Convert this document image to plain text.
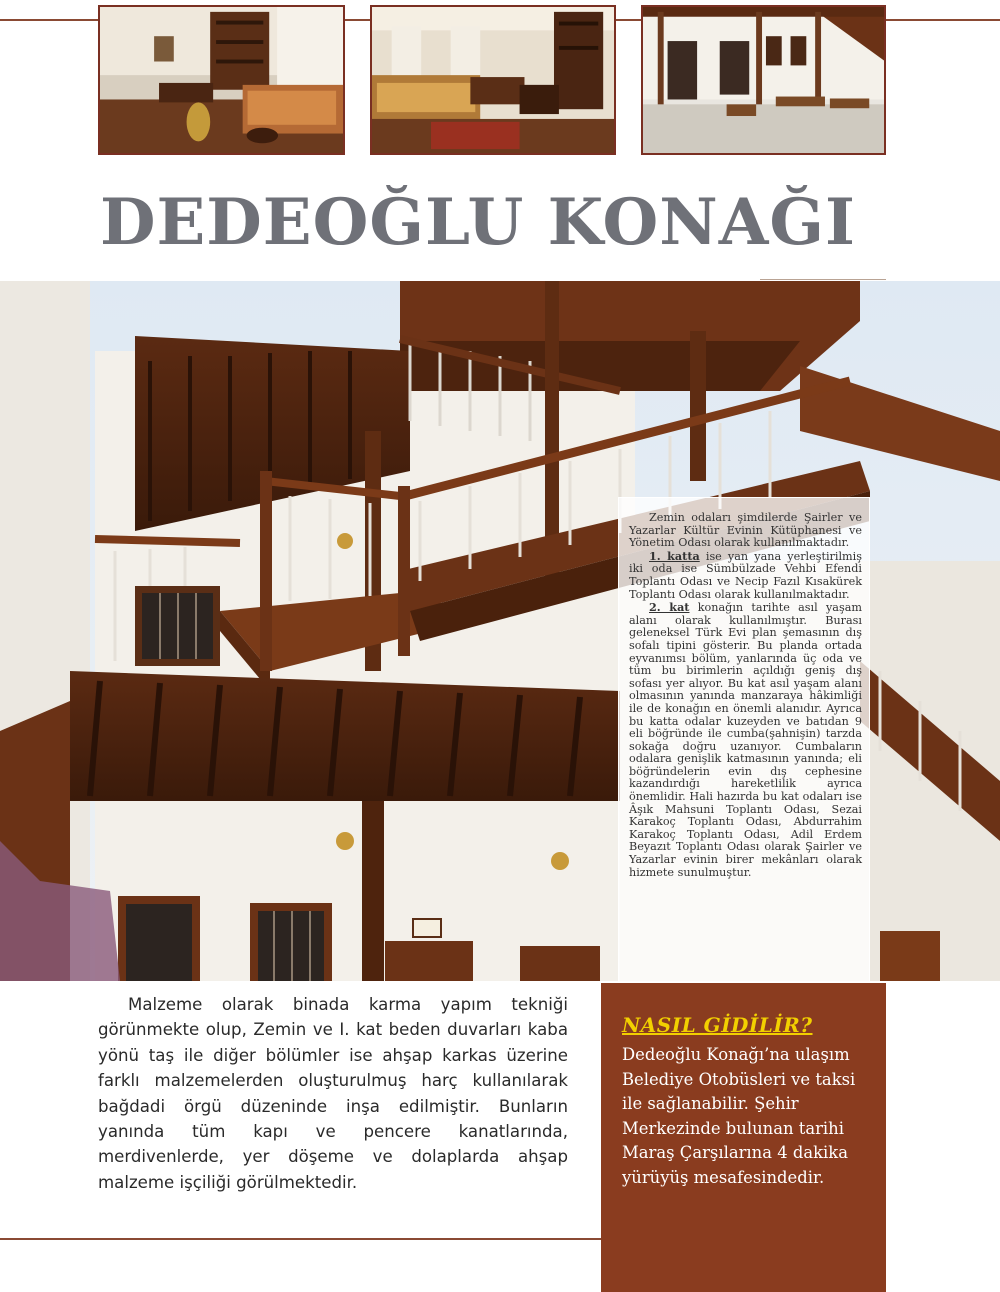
DEDEOĞLU KONAĞI

Zemin odaları şimdilerde Şairler ve Yazarlar Kültür Evinin Kütüphanesi ve Yönetim Odası olarak kullanılmaktadır.

1. katta ise yan yana yerleştirilmiş iki oda ise Sümbülzade Vehbi Efendi Toplantı Odası ve Necip Fazıl Kısakürek Toplantı Odası olarak kullanılmaktadır.

2. kat konağın tarihte asıl yaşam alanı olarak kullanılmıştır. Burası geleneksel Türk Evi plan şemasının dış sofalı tipini gösterir. Bu planda ortada eyvanımsı bölüm, yanlarında üç oda ve tüm bu birimlerin açıldığı geniş dış sofası yer alıyor. Bu kat asıl yaşam alanı olmasının yanında manzaraya hâkimliği ile de konağın en önemli alanıdır. Ayrıca bu katta odalar kuzeyden ve batıdan 9 eli böğründe ile cumba(şahnişin) tarzda sokağa doğru uzanıyor. Cumbaların odalara genişlik katmasının yanında; eli böğründelerin evin dış cephesine kazandırdığı hareketlilik ayrıca önemlidir. Hali hazırda bu kat odaları ise Âşık Mahsuni Toplantı Odası, Sezai Karakoç Toplantı Odası, Abdurrahim Karakoç Toplantı Odası, Adil Erdem Beyazıt Toplantı Odası olarak Şairler ve Yazarlar evinin birer mekânları olarak hizmete sunulmuştur.

Malzeme olarak binada karma yapım tekniği görünmekte olup, Zemin ve I. kat beden duvarları kaba yönü taş ile diğer bölümler ise ahşap karkas üzerine farklı malzemelerden oluşturulmuş harç kullanılarak bağdadi örgü düzeninde inşa edilmiştir. Bunların yanında tüm kapı ve pencere kanatlarında, merdivenlerde, yer döşeme ve dolaplarda ahşap malzeme işçiliği görülmektedir.

NASIL GİDİLİR?

Dedeoğlu Konağı’na ulaşım Belediye Otobüsleri ve taksi ile sağlanabilir. Şehir Merkezinde bulunan tarihi Maraş Çarşılarına 4 dakika yürüyüş mesafesindedir.
